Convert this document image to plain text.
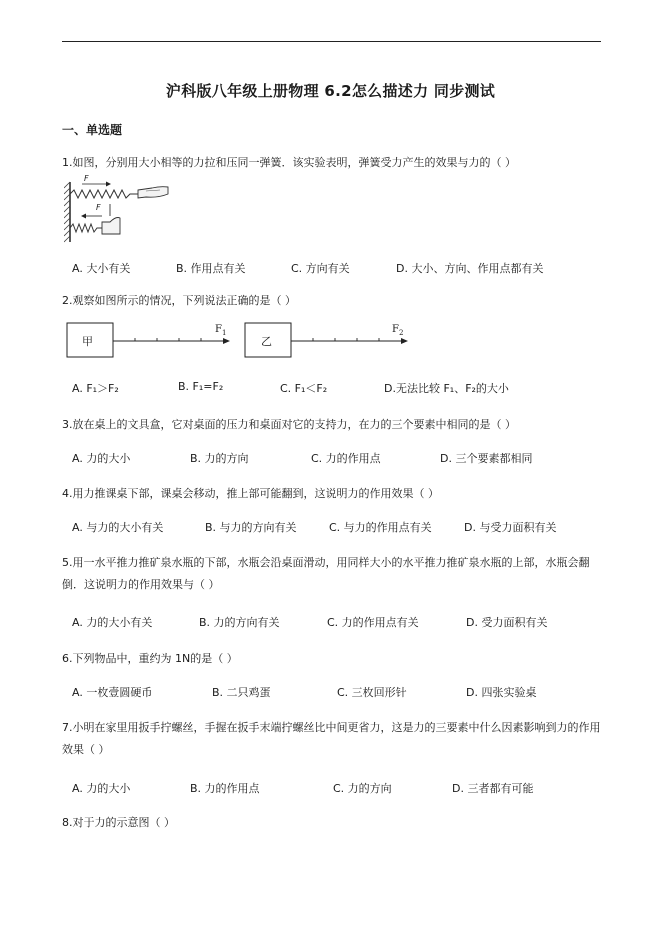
沪科版八年级上册物理 6.2怎么描述力 同步测试
一、单选题
1.如图，分别用大小相等的力拉和压同一弹簧．该实验表明，弹簧受力产生的效果与力的（ ）
F
F
A. 大小有关	B. 作用点有关	C. 方向有关	D. 大小、方向、作用点都有关
2.观察如图所示的情况，下列说法正确的是（ ）
甲	乙
$F_1$	$F_2$
A. F₁＞F₂	B. F₁=F₂	C. F₁＜F₂	D.无法比较 F₁、F₂的大小
3.放在桌上的文具盒，它对桌面的压力和桌面对它的支持力，在力的三个要素中相同的是（ ）
A. 力的大小	B. 力的方向	C. 力的作用点	D. 三个要素都相同
4.用力推课桌下部，课桌会移动，推上部可能翻到，这说明力的作用效果（ ）
A. 与力的大小有关	B. 与力的方向有关	C. 与力的作用点有关	D. 与受力面积有关
5.用一水平推力推矿泉水瓶的下部，水瓶会沿桌面滑动，用同样大小的水平推力推矿泉水瓶的上部，水瓶会翻倒．这说明力的作用效果与（ ）
A. 力的大小有关	B. 力的方向有关	C. 力的作用点有关	D. 受力面积有关
6.下列物品中，重约为 1N的是（ ）
A. 一枚壹圆硬币	B. 二只鸡蛋	C. 三枚回形针	D. 四张实验桌
7.小明在家里用扳手拧螺丝，手握在扳手末端拧螺丝比中间更省力，这是力的三要素中什么因素影响到力的作用效果（ ）
A. 力的大小	B. 力的作用点	C. 力的方向	D. 三者都有可能
8.对于力的示意图（ ）
